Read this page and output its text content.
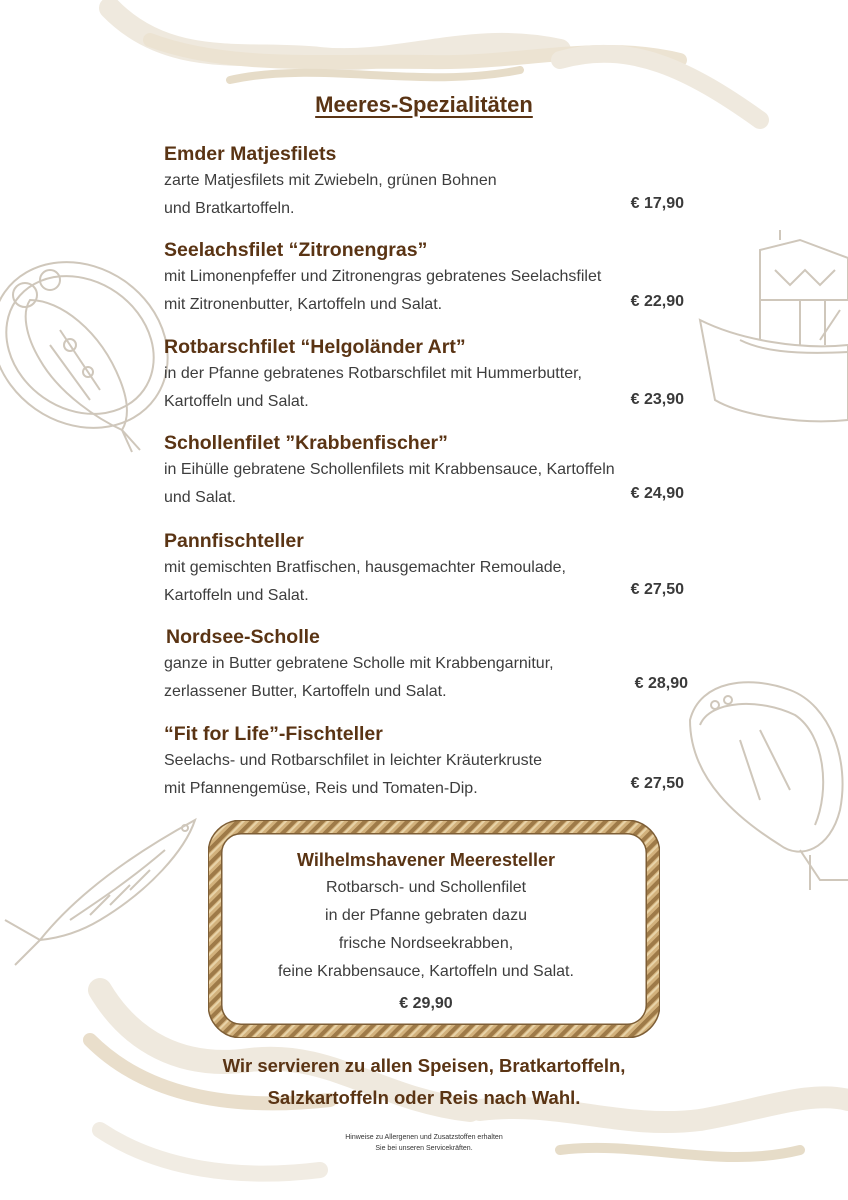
Meeres-Spezialitäten
Emder Matjesfilets
zarte Matjesfilets mit Zwiebeln, grünen Bohnen
und Bratkartoffeln.	€ 17,90
Seelachsfilet “Zitronengras”
mit Limonenpfeffer und Zitronengras gebratenes Seelachsfilet
mit Zitronenbutter, Kartoffeln und Salat.	€ 22,90
Rotbarschfilet “Helgoländer Art”
in der Pfanne gebratenes Rotbarschfilet mit Hummerbutter,
Kartoffeln und Salat.	€ 23,90
Schollenfilet ”Krabbenfischer”
in Eihülle gebratene Schollenfilets mit Krabbensauce, Kartoffeln
und Salat.	€ 24,90
Pannfischteller
mit gemischten Bratfischen, hausgemachter Remoulade,
Kartoffeln und Salat.	€ 27,50
Nordsee-Scholle
ganze in Butter gebratene Scholle mit Krabbengarnitur,
zerlassener Butter, Kartoffeln und Salat.	€ 28,90
“Fit for Life”-Fischteller
Seelachs- und Rotbarschfilet in leichter Kräuterkruste
mit Pfannengemüse, Reis und Tomaten-Dip.	€ 27,50
Wilhelmshavener Meeresteller
Rotbarsch- und Schollenfilet
in der Pfanne gebraten dazu
frische Nordseekrabben,
feine Krabbensauce, Kartoffeln und Salat.
€ 29,90
Wir servieren zu allen Speisen, Bratkartoffeln,
Salzkartoffeln oder Reis nach Wahl.
Hinweise zu Allergenen und Zusatzstoffen erhalten
Sie bei unseren Servicekräften.
